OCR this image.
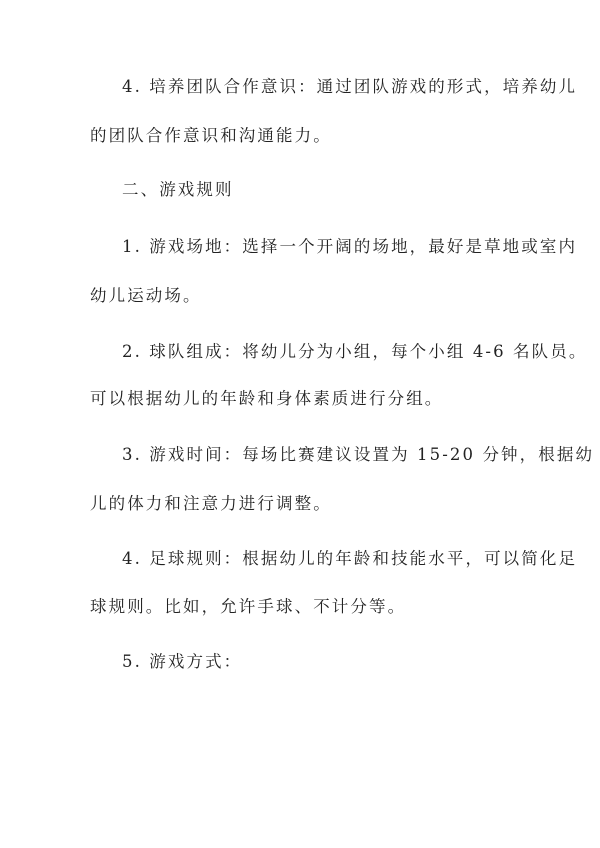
4. 培养团队合作意识：通过团队游戏的形式，培养幼儿
的团队合作意识和沟通能力。
二、游戏规则
1. 游戏场地：选择一个开阔的场地，最好是草地或室内
幼儿运动场。
2. 球队组成：将幼儿分为小组，每个小组 4-6 名队员。
可以根据幼儿的年龄和身体素质进行分组。
3. 游戏时间：每场比赛建议设置为 15-20 分钟，根据幼
儿的体力和注意力进行调整。
4. 足球规则：根据幼儿的年龄和技能水平，可以简化足
球规则。比如，允许手球、不计分等。
5. 游戏方式：
